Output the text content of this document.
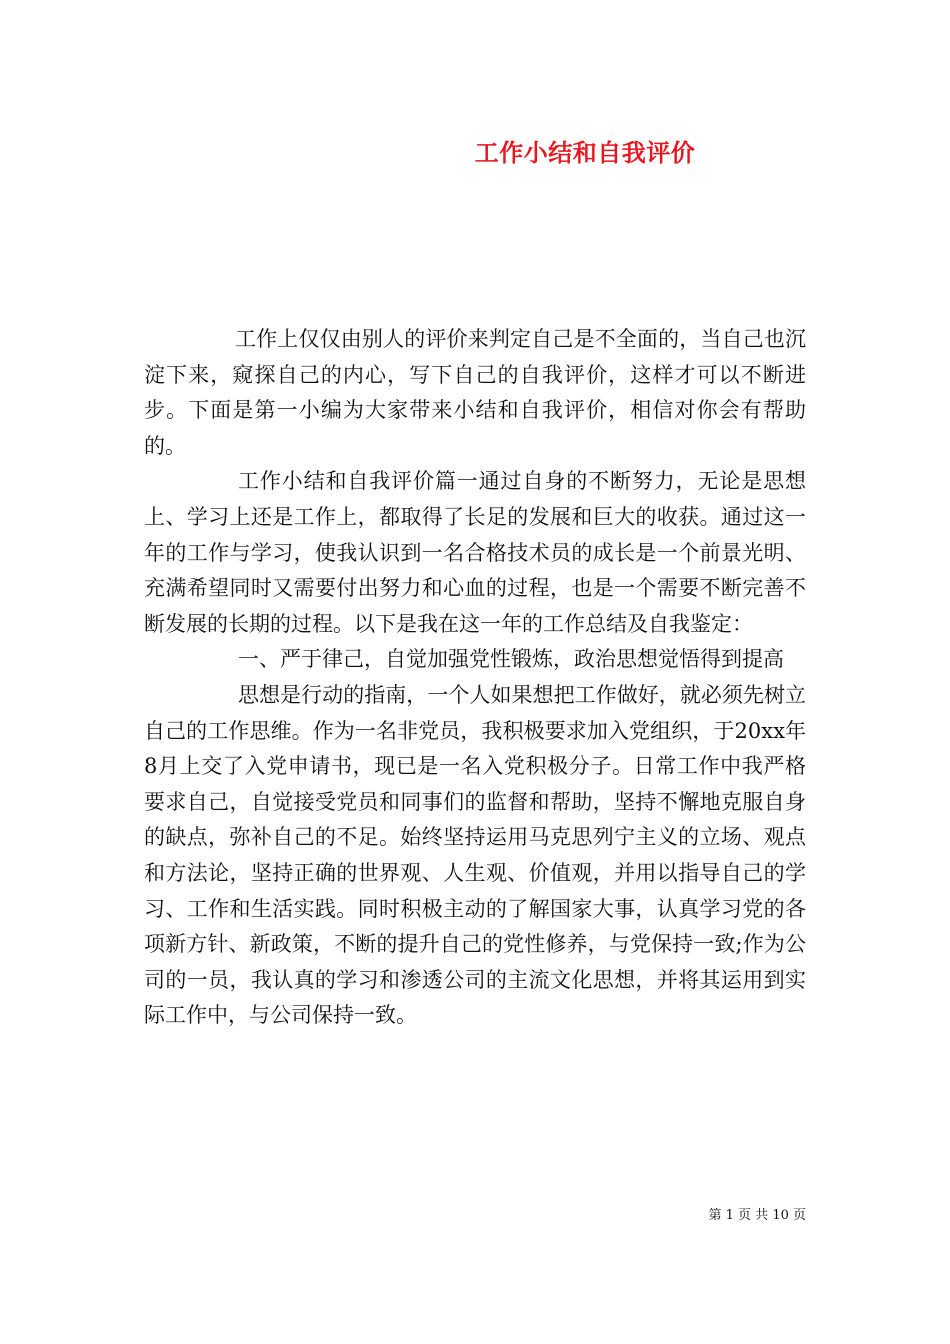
工作小结和自我评价

工作上仅仅由别人的评价来判定自己是不全面的，当自己也沉淀下来，窥探自己的内心，写下自己的自我评价，这样才可以不断进步。下面是第一小编为大家带来小结和自我评价，相信对你会有帮助的。

工作小结和自我评价篇一通过自身的不断努力，无论是思想上、学习上还是工作上，都取得了长足的发展和巨大的收获。通过这一年的工作与学习，使我认识到一名合格技术员的成长是一个前景光明、充满希望同时又需要付出努力和心血的过程，也是一个需要不断完善不断发展的长期的过程。以下是我在这一年的工作总结及自我鉴定：

一、严于律己，自觉加强党性锻炼，政治思想觉悟得到提高

思想是行动的指南，一个人如果想把工作做好，就必须先树立自己的工作思维。作为一名非党员，我积极要求加入党组织，于20xx年8月上交了入党申请书，现已是一名入党积极分子。日常工作中我严格要求自己，自觉接受党员和同事们的监督和帮助，坚持不懈地克服自身的缺点，弥补自己的不足。始终坚持运用马克思列宁主义的立场、观点和方法论，坚持正确的世界观、人生观、价值观，并用以指导自己的学习、工作和生活实践。同时积极主动的了解国家大事，认真学习党的各项新方针、新政策，不断的提升自己的党性修养，与党保持一致;作为公司的一员，我认真的学习和渗透公司的主流文化思想，并将其运用到实际工作中，与公司保持一致。

第 1 页 共 10 页
